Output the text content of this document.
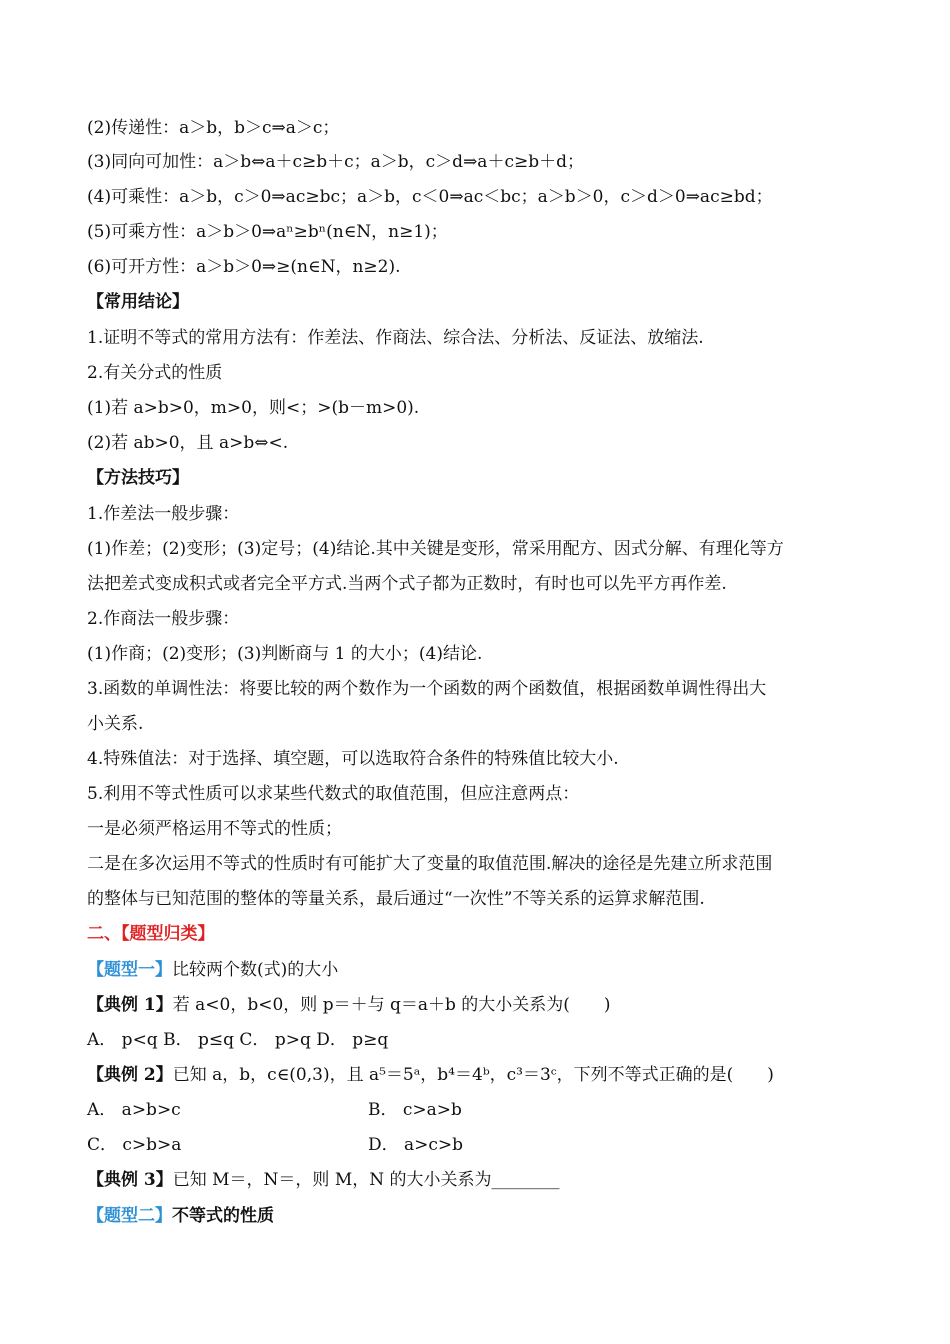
(2)传递性：a＞b，b＞c⇒a＞c；
(3)同向可加性：a＞b⇔a＋c≥b＋c；a＞b，c＞d⇒a＋c≥b＋d；
(4)可乘性：a＞b，c＞0⇒ac≥bc；a＞b，c＜0⇒ac＜bc；a＞b＞0，c＞d＞0⇒ac≥bd；
(5)可乘方性：a＞b＞0⇒aⁿ≥bⁿ(n∈N，n≥1)；
(6)可开方性：a＞b＞0⇒≥(n∈N，n≥2).
【常用结论】
1.证明不等式的常用方法有：作差法、作商法、综合法、分析法、反证法、放缩法.
2.有关分式的性质
(1)若 a>b>0，m>0，则<；>(b－m>0).
(2)若 ab>0，且 a>b⇔<.
【方法技巧】
1.作差法一般步骤：
(1)作差；(2)变形；(3)定号；(4)结论.其中关键是变形，常采用配方、因式分解、有理化等方
法把差式变成积式或者完全平方式.当两个式子都为正数时，有时也可以先平方再作差.
2.作商法一般步骤：
(1)作商；(2)变形；(3)判断商与 1 的大小；(4)结论.
3.函数的单调性法：将要比较的两个数作为一个函数的两个函数值，根据函数单调性得出大
小关系.
4.特殊值法：对于选择、填空题，可以选取符合条件的特殊值比较大小.
5.利用不等式性质可以求某些代数式的取值范围，但应注意两点：
一是必须严格运用不等式的性质；
二是在多次运用不等式的性质时有可能扩大了变量的取值范围.解决的途径是先建立所求范围
的整体与已知范围的整体的等量关系，最后通过“一次性”不等关系的运算求解范围.
二、【题型归类】
【题型一】比较两个数(式)的大小
【典例 1】若 a<0，b<0，则 p＝＋与 q＝a＋b 的大小关系为(　　)
A． p<q B． p≤q C． p>q D． p≥q
【典例 2】已知 a，b，c∈(0,3)，且 a⁵＝5ᵃ，b⁴＝4ᵇ，c³＝3ᶜ，下列不等式正确的是(　　)
A． a>b>c	B． c>a>b
C． c>b>a	D． a>c>b
【典例 3】已知 M＝，N＝，则 M，N 的大小关系为________
【题型二】不等式的性质
